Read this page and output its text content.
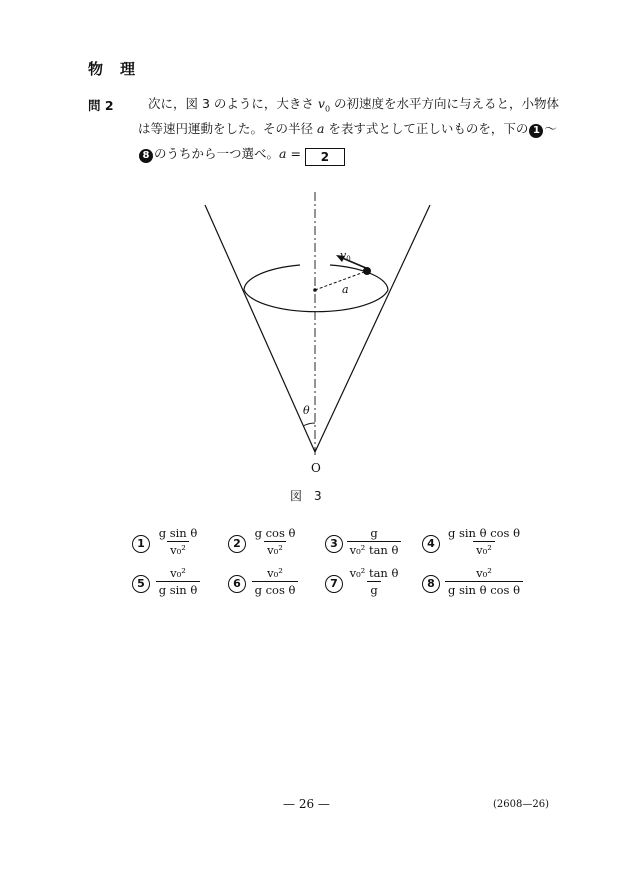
物　理
問 2	次に，図 3 のように，大きさ $v_0$ の初速度を水平方向に与えると，小物体
は等速円運動をした。その半径 a を表す式として正しいものを，下の 1 ～
8 のうちから一つ選べ。a = 2
v0
a
θ
O
図　3
$1 \frac{\text{g sin θ}}{\text{v₀²}}$	$2 \frac{\text{g cos θ}}{\text{v₀²}}$	$3 \frac{g}{\text{v₀² tan θ}}$	$4 \frac{\text{g sin θ cos θ}}{\text{v₀²}}$
$5 \frac{\text{v₀²}}{\text{g sin θ}}$	$6 \frac{\text{v₀²}}{\text{g cos θ}}$	$7 \frac{\text{v₀² tan θ}}{g}$	$8 \frac{\text{v₀²}}{\text{g sin θ cos θ}}$
— 26 —	(2608—26)
